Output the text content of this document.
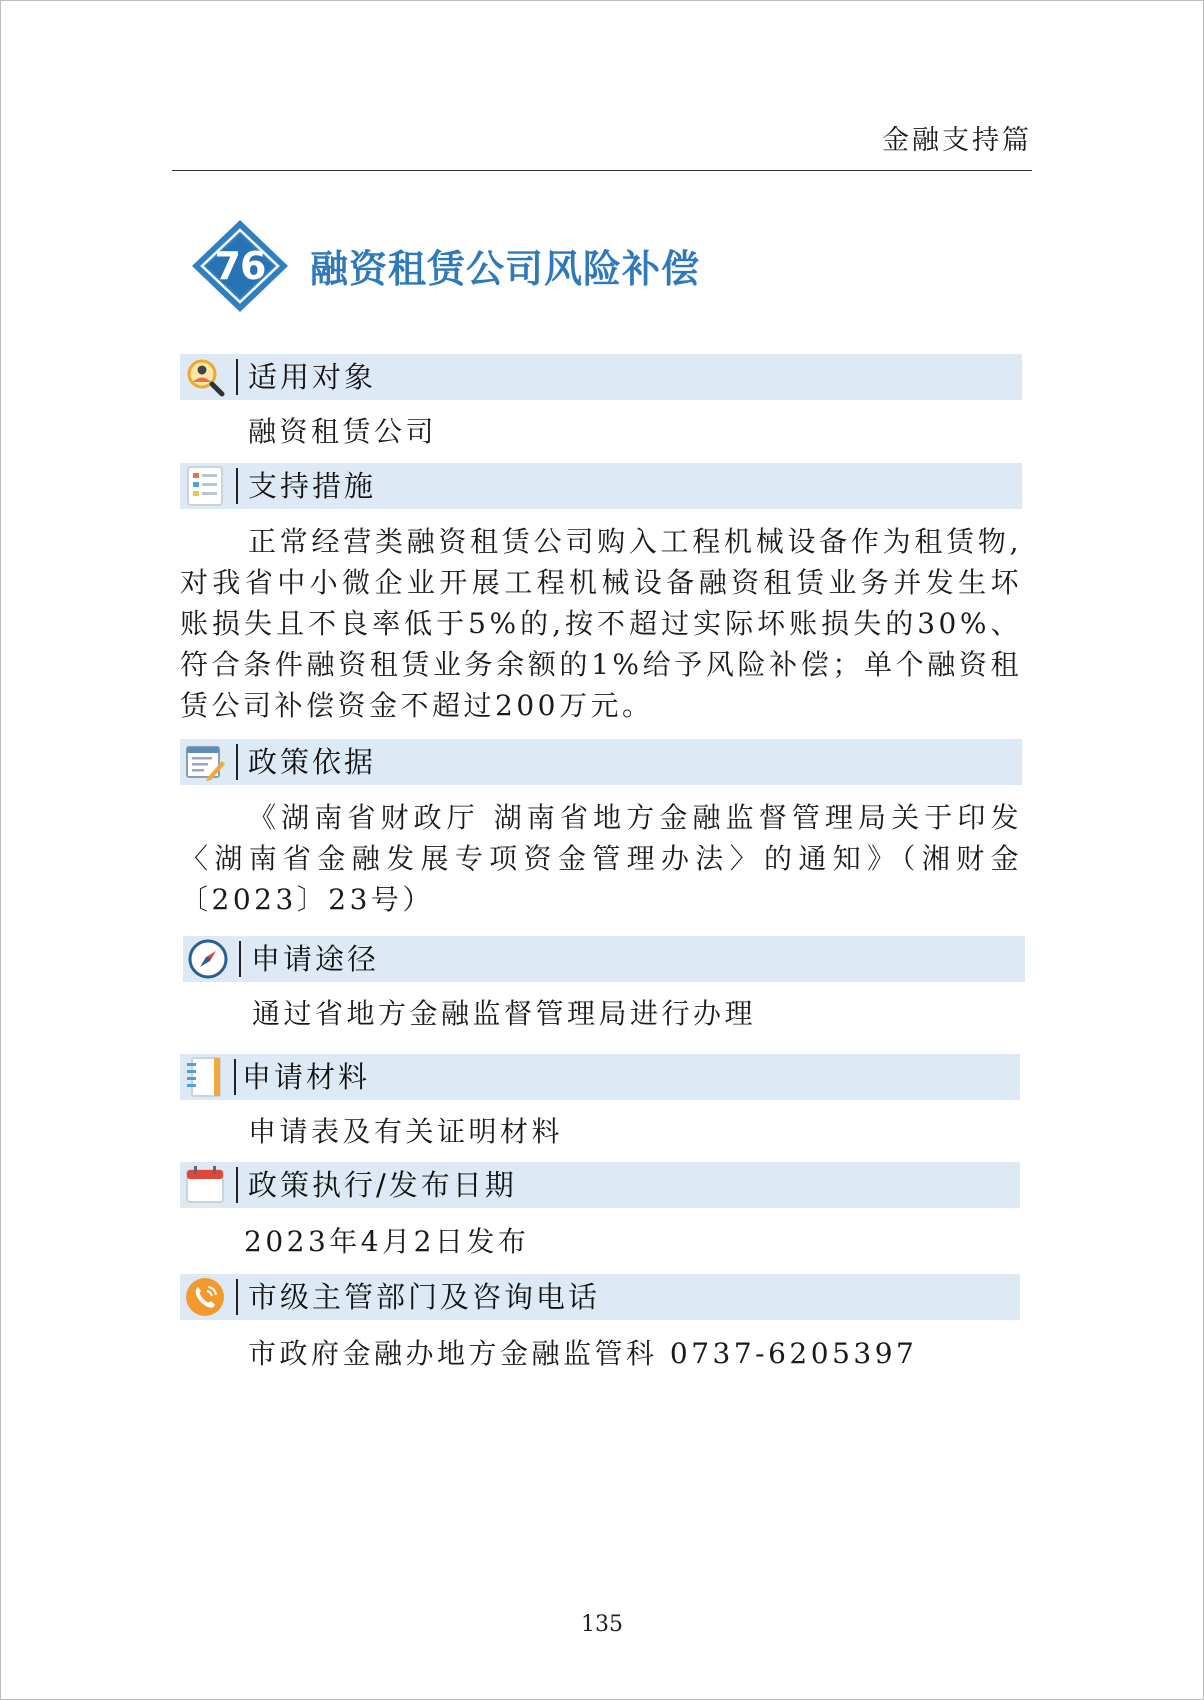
金融支持篇
76	融资租赁公司风险补偿
适用对象
融资租赁公司
支持措施
正常经营类融资租赁公司购入工程机械设备作为租赁物,对我省中小微企业开展工程机械设备融资租赁业务并发生坏账损失且不良率低于5%的,按不超过实际坏账损失的30%、符合条件融资租赁业务余额的1%给予风险补偿；单个融资租赁公司补偿资金不超过200万元。
政策依据
《湖南省财政厅 湖南省地方金融监督管理局关于印发〈湖南省金融发展专项资金管理办法〉的通知》（湘财金〔2023〕23号）
申请途径
通过省地方金融监督管理局进行办理
申请材料
申请表及有关证明材料
政策执行/发布日期
2023年4月2日发布
市级主管部门及咨询电话
市政府金融办地方金融监管科 0737-6205397
135
